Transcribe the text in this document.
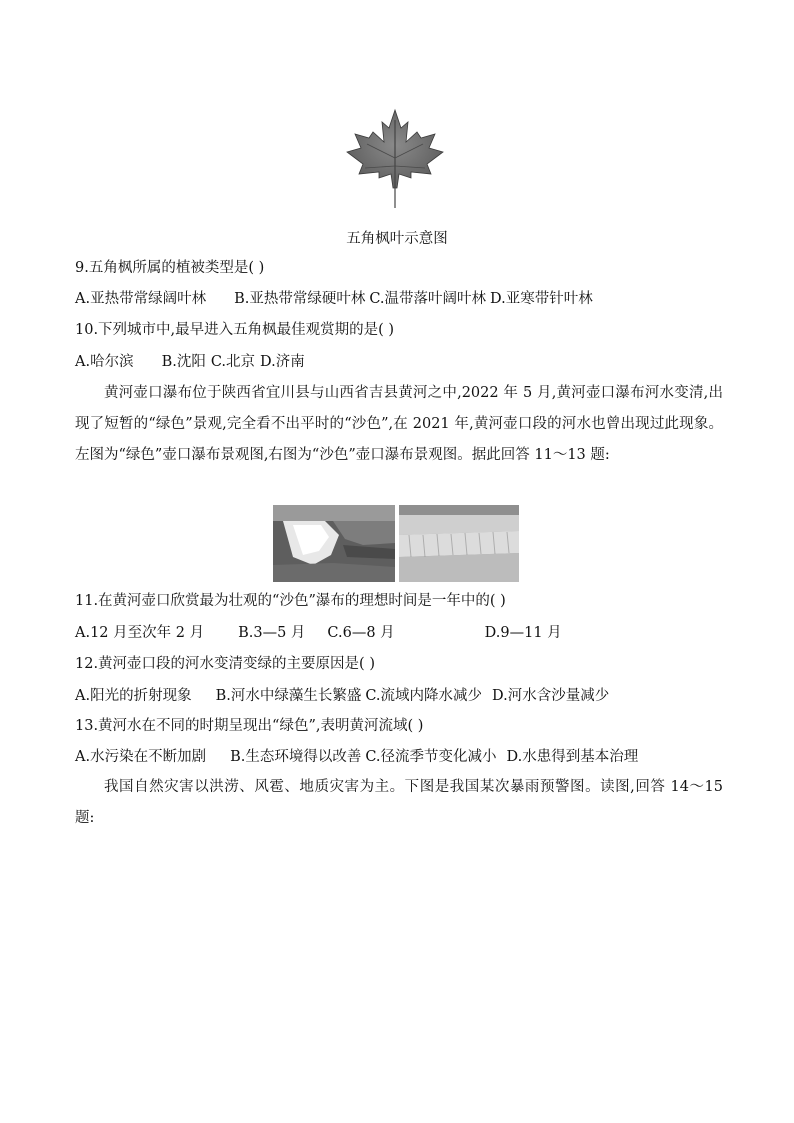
五角枫叶示意图
9.五角枫所属的植被类型是( )
A.亚热带常绿阔叶林 B.亚热带常绿硬叶林 C.温带落叶阔叶林 D.亚寒带针叶林
10.下列城市中,最早进入五角枫最佳观赏期的是( )
A.哈尔滨 B.沈阳 C.北京 D.济南
黄河壶口瀑布位于陕西省宜川县与山西省吉县黄河之中,2022 年 5 月,黄河壶口瀑布河水变清,出现了短暂的“绿色”景观,完全看不出平时的“沙色”,在 2021 年,黄河壶口段的河水也曾出现过此现象。左图为“绿色”壶口瀑布景观图,右图为“沙色”壶口瀑布景观图。据此回答 11～13 题:
11.在黄河壶口欣赏最为壮观的“沙色”瀑布的理想时间是一年中的( )
A.12 月至次年 2 月 B.3—5 月 C.6—8 月	D.9—11 月
12.黄河壶口段的河水变清变绿的主要原因是( )
A.阳光的折射现象 B.河水中绿藻生长繁盛 C.流域内降水减少 D.河水含沙量减少
13.黄河水在不同的时期呈现出“绿色”,表明黄河流域( )
A.水污染在不断加剧 B.生态环境得以改善 C.径流季节变化减小 D.水患得到基本治理
我国自然灾害以洪涝、风雹、地质灾害为主。下图是我国某次暴雨预警图。读图,回答 14～15 题:
